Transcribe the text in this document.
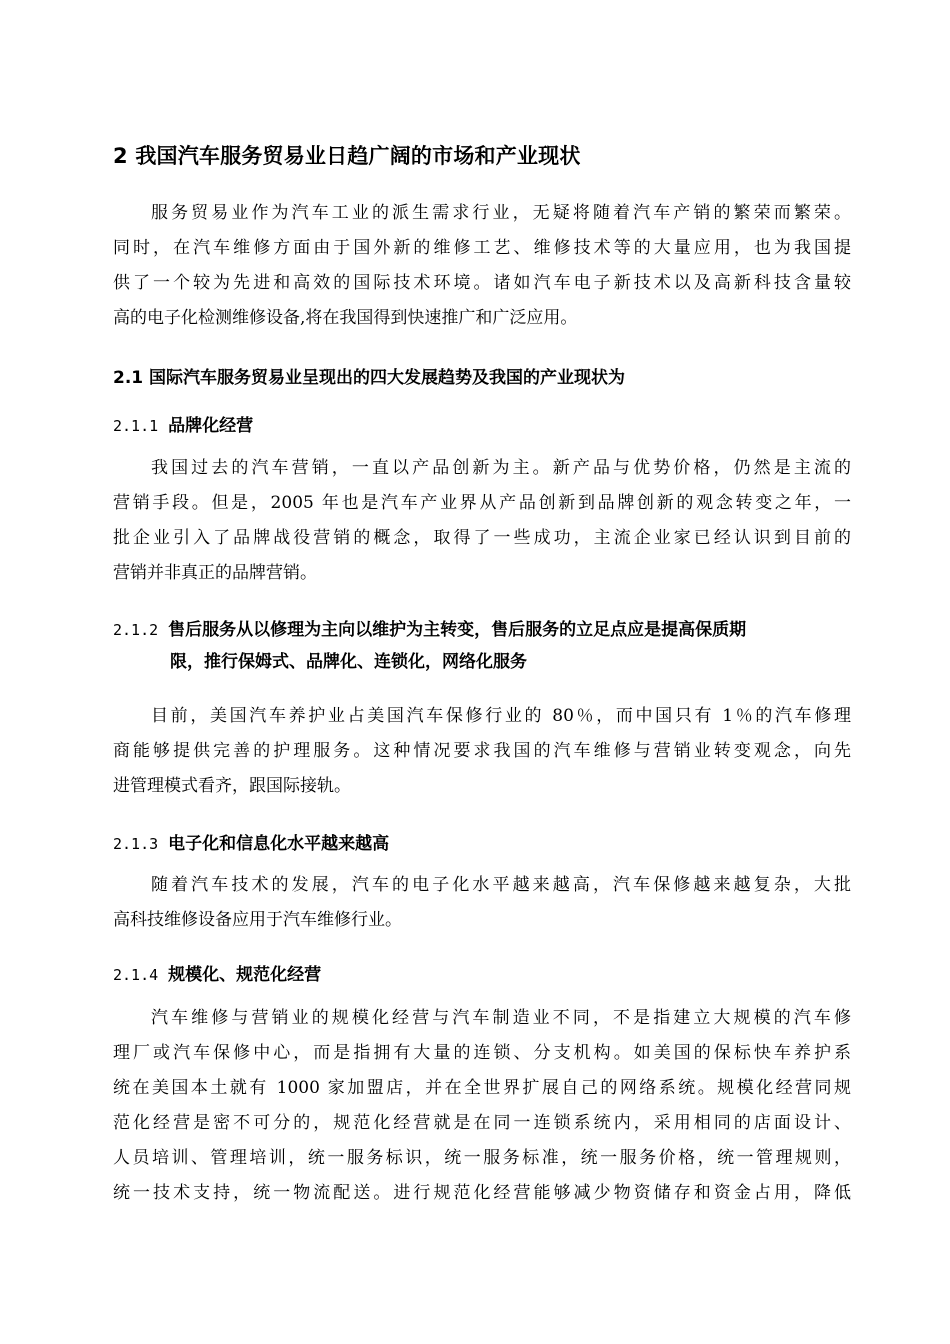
2 我国汽车服务贸易业日趋广阔的市场和产业现状
服务贸易业作为汽车工业的派生需求行业，无疑将随着汽车产销的繁荣而繁荣。
同时，在汽车维修方面由于国外新的维修工艺、维修技术等的大量应用，也为我国提
供了一个较为先进和高效的国际技术环境。诸如汽车电子新技术以及高新科技含量较
高的电子化检测维修设备,将在我国得到快速推广和广泛应用。
2.1 国际汽车服务贸易业呈现出的四大发展趋势及我国的产业现状为
2.1.1 品牌化经营
我国过去的汽车营销，一直以产品创新为主。新产品与优势价格，仍然是主流的
营销手段。但是，2005 年也是汽车产业界从产品创新到品牌创新的观念转变之年，一
批企业引入了品牌战役营销的概念，取得了一些成功，主流企业家已经认识到目前的
营销并非真正的品牌营销。
2.1.2 售后服务从以修理为主向以维护为主转变，售后服务的立足点应是提高保质期
限，推行保姆式、品牌化、连锁化，网络化服务
目前，美国汽车养护业占美国汽车保修行业的 80％，而中国只有 1％的汽车修理
商能够提供完善的护理服务。这种情况要求我国的汽车维修与营销业转变观念，向先
进管理模式看齐，跟国际接轨。
2.1.3 电子化和信息化水平越来越高
随着汽车技术的发展，汽车的电子化水平越来越高，汽车保修越来越复杂，大批
高科技维修设备应用于汽车维修行业。
2.1.4 规模化、规范化经营
汽车维修与营销业的规模化经营与汽车制造业不同，不是指建立大规模的汽车修
理厂或汽车保修中心，而是指拥有大量的连锁、分支机构。如美国的保标快车养护系
统在美国本土就有 1000 家加盟店，并在全世界扩展自己的网络系统。规模化经营同规
范化经营是密不可分的，规范化经营就是在同一连锁系统内，采用相同的店面设计、
人员培训、管理培训，统一服务标识，统一服务标准，统一服务价格，统一管理规则，
统一技术支持，统一物流配送。进行规范化经营能够减少物资储存和资金占用，降低
